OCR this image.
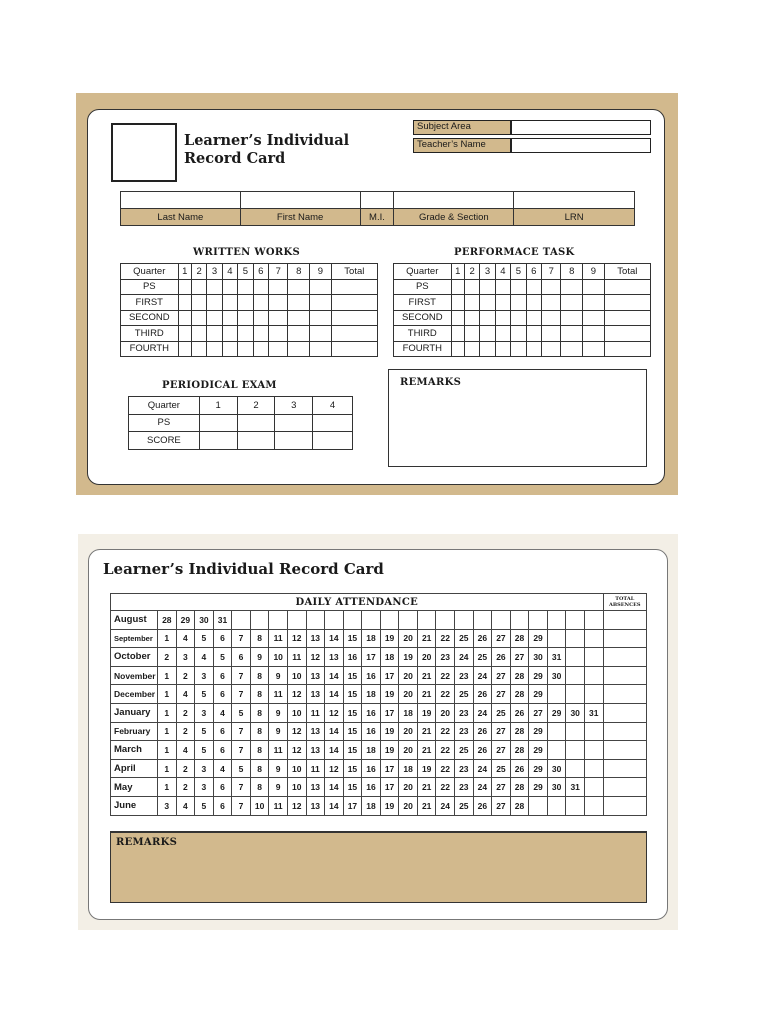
Learner’s Individual
Record Card
Subject Area
Teacher’s Name

Last Name	First Name	M.I.	Grade & Section	LRN
WRITTEN WORKS
Quarter	1	2	3	4	5	6	7	8	9	Total
PS										
FIRST										
SECOND										
THIRD										
FOURTH										
PERFORMACE TASK
Quarter	1	2	3	4	5	6	7	8	9	Total
PS										
FIRST										
SECOND										
THIRD										
FOURTH										
PERIODICAL EXAM
Quarter	1	2	3	4
PS				
SCORE				
REMARKS
Learner’s Individual Record Card
DAILY ATTENDANCE																									TOTAL ABSENCES
August	28	29	30	31																					
September	1	4	5	6	7	8	11	12	13	14	15	18	19	20	21	22	25	26	27	28	29				
October	2	3	4	5	6	9	10	11	12	13	16	17	18	19	20	23	24	25	26	27	30	31			
November	1	2	3	6	7	8	9	10	13	14	15	16	17	20	21	22	23	24	27	28	29	30			
December	1	4	5	6	7	8	11	12	13	14	15	18	19	20	21	22	25	26	27	28	29				
January	1	2	3	4	5	8	9	10	11	12	15	16	17	18	19	20	23	24	25	26	27	29	30	31	
February	1	2	5	6	7	8	9	12	13	14	15	16	19	20	21	22	23	26	27	28	29				
March	1	4	5	6	7	8	11	12	13	14	15	18	19	20	21	22	25	26	27	28	29				
April	1	2	3	4	5	8	9	10	11	12	15	16	17	18	19	22	23	24	25	26	29	30			
May	1	2	3	6	7	8	9	10	13	14	15	16	17	20	21	22	23	24	27	28	29	30	31		
June	3	4	5	6	7	10	11	12	13	14	17	18	19	20	21	24	25	26	27	28					
REMARKS
